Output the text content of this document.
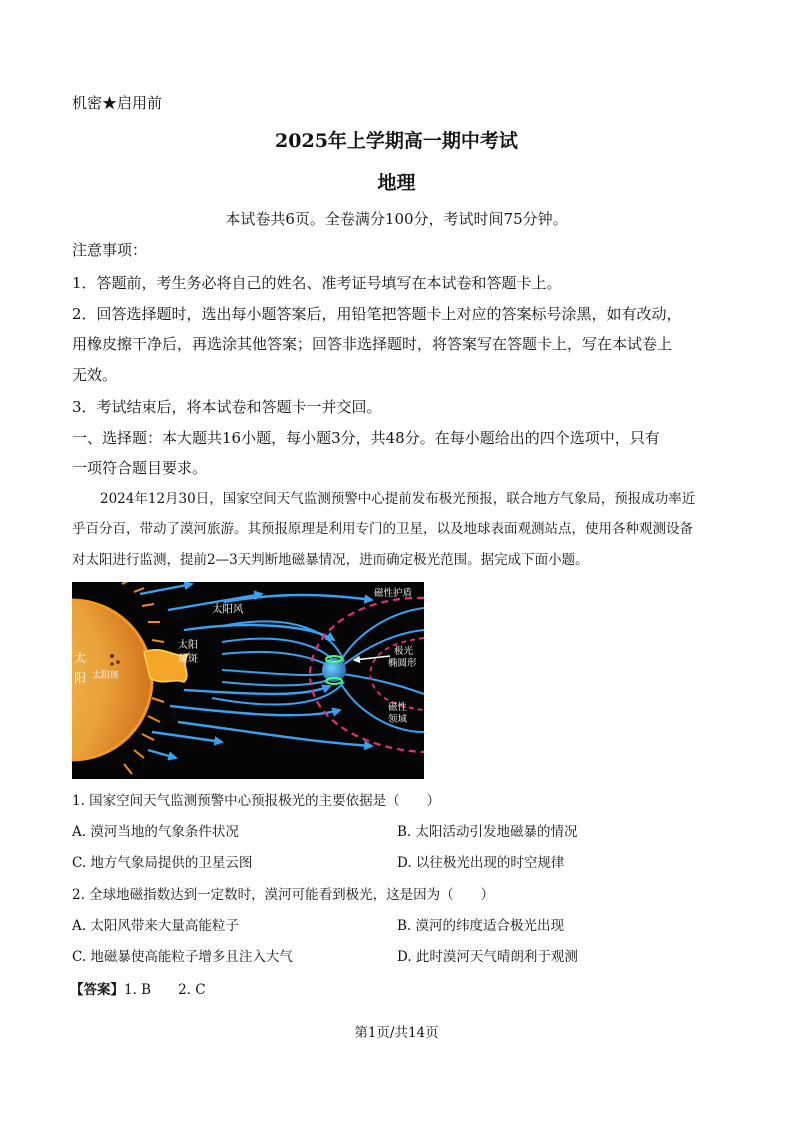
机密★启用前
2025年上学期高一期中考试
地理
本试卷共6页。全卷满分100分，考试时间75分钟。
注意事项：
1．答题前，考生务必将自己的姓名、准考证号填写在本试卷和答题卡上。
2．回答选择题时，选出每小题答案后，用铅笔把答题卡上对应的答案标号涂黑，如有改动，
用橡皮擦干净后，再选涂其他答案；回答非选择题时，将答案写在答题卡上，写在本试卷上
无效。
3．考试结束后，将本试卷和答题卡一并交回。
一、选择题：本大题共16小题，每小题3分，共48分。在每小题给出的四个选项中，只有
一项符合题目要求。
2024年12月30日，国家空间天气监测预警中心提前发布极光预报，联合地方气象局，预报成功率近
乎百分百，带动了漠河旅游。其预报原理是利用专门的卫星，以及地球表面观测站点，使用各种观测设备
对太阳进行监测，提前2—3天判断地磁暴情况，进而确定极光范围。据完成下面小题。
太阳风
太阳
耀斑
磁性护盾
极光
椭圆形
磁性
领域
太
阳 太阳斑
1. 国家空间天气监测预警中心预报极光的主要依据是（　　）
A. 漠河当地的气象条件状况	B. 太阳活动引发地磁暴的情况
C. 地方气象局提供的卫星云图	D. 以往极光出现的时空规律
2. 全球地磁指数达到一定数时，漠河可能看到极光，这是因为（　　）
A. 太阳风带来大量高能粒子	B. 漠河的纬度适合极光出现
C. 地磁暴使高能粒子增多且注入大气	D. 此时漠河天气晴朗利于观测
【答案】1. B　　2. C
第1页/共14页
